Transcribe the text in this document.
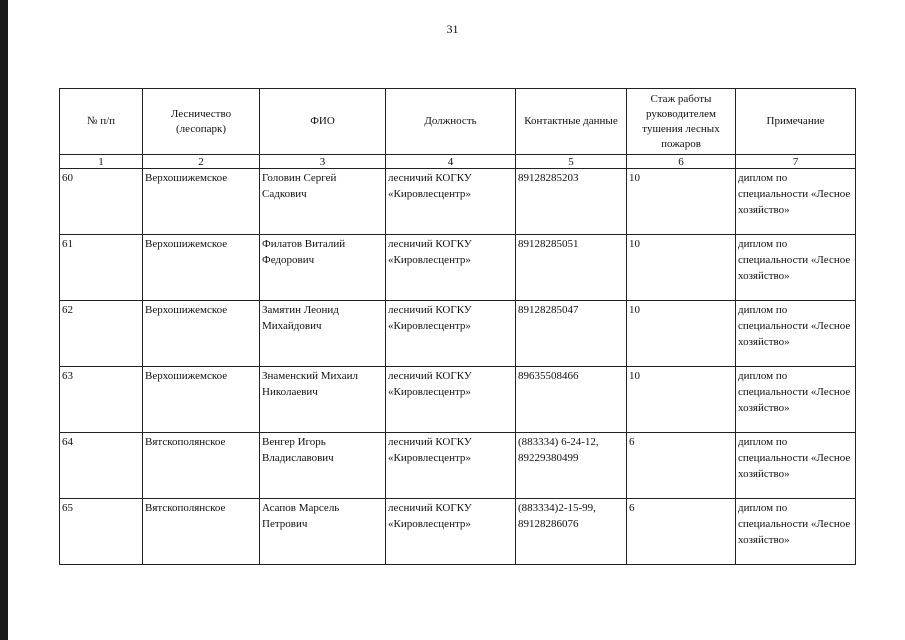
31
№ п/п	Лесничество (лесопарк)	ФИО	Должность	Контактные данные	Стаж работы руководителем тушения лесных пожаров	Примечание
1	2	3	4	5	6	7
60	Верхошижемское	Головин Сергей Садкович	лесничий КОГКУ «Кировлесцентр»	89128285203	10	диплом по специальности «Лесное хозяйство»
61	Верхошижемское	Филатов Виталий Федорович	лесничий КОГКУ «Кировлесцентр»	89128285051	10	диплом по специальности «Лесное хозяйство»
62	Верхошижемское	Замятин Леонид Михайдович	лесничий КОГКУ «Кировлесцентр»	89128285047	10	диплом по специальности «Лесное хозяйство»
63	Верхошижемское	Знаменский Михаил Николаевич	лесничий КОГКУ «Кировлесцентр»	89635508466	10	диплом по специальности «Лесное хозяйство»
64	Вятскополянское	Венгер Игорь Владиславович	лесничий КОГКУ «Кировлесцентр»	(883334) 6-24-12, 89229380499	6	диплом по специальности «Лесное хозяйство»
65	Вятскополянское	Асапов Марсель Петрович	лесничий КОГКУ «Кировлесцентр»	(883334)2-15-99, 89128286076	6	диплом по специальности «Лесное хозяйство»
